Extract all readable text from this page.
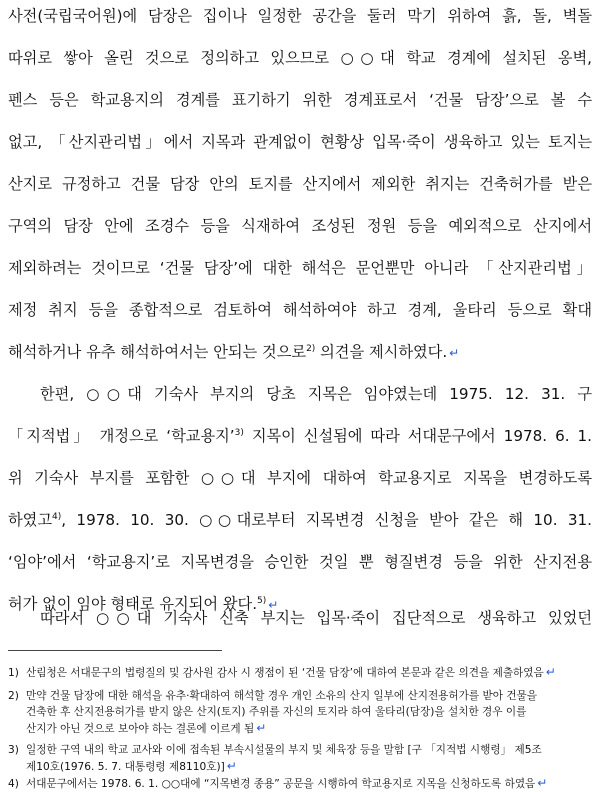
사전(국립국어원)에 담장은 집이나 일정한 공간을 둘러 막기 위하여 흙, 돌, 벽돌
따위로 쌓아 올린 것으로 정의하고 있으므로 ○○대 학교 경계에 설치된 옹벽,
펜스 등은 학교용지의 경계를 표기하기 위한 경계표로서 ‘건물 담장’으로 볼 수
없고, 「산지관리법」에서 지목과 관계없이 현황상 입목·죽이 생육하고 있는 토지는
산지로 규정하고 건물 담장 안의 토지를 산지에서 제외한 취지는 건축허가를 받은
구역의 담장 안에 조경수 등을 식재하여 조성된 정원 등을 예외적으로 산지에서
제외하려는 것이므로 ‘건물 담장’에 대한 해석은 문언뿐만 아니라 「산지관리법」
제정 취지 등을 종합적으로 검토하여 해석하여야 하고 경계, 울타리 등으로 확대
해석하거나 유추 해석하여서는 안되는 것으로$^{2)}$ 의견을 제시하였다. ↵
한편, ○○대 기숙사 부지의 당초 지목은 임야였는데 1975. 12. 31. 구
「지적법」 개정으로 ‘학교용지’$^{3)}$ 지목이 신설됨에 따라 서대문구에서 1978. 6. 1.
위 기숙사 부지를 포함한 ○○대 부지에 대하여 학교용지로 지목을 변경하도록
하였고$^{4)}$, 1978. 10. 30. ○○대로부터 지목변경 신청을 받아 같은 해 10. 31.
‘임야’에서 ‘학교용지’로 지목변경을 승인한 것일 뿐 형질변경 등을 위한 산지전용
허가 없이 임야 형태로 유지되어 왔다.$^{5)}$ ↵
따라서 ○○대 기숙사 신축 부지는 입목·죽이 집단적으로 생육하고 있었던
1) 산림청은 서대문구의 법령질의 및 감사원 감사 시 쟁점이 된 ‘건물 담장’에 대하여 본문과 같은 의견을 제출하였음 ↵
2) 만약 건물 담장에 대한 해석을 유추·확대하여 해석할 경우 개인 소유의 산지 일부에 산지전용허가를 받아 건물을
건축한 후 산지전용허가를 받지 않은 산지(토지) 주위를 자신의 토지라 하여 울타리(담장)을 설치한 경우 이를
산지가 아닌 것으로 보아야 하는 결론에 이르게 됨 ↵
3) 일정한 구역 내의 학교 교사와 이에 접속된 부속시설물의 부지 및 체육장 등을 말함 [구 「지적법 시행령」 제5조
제10호(1976. 5. 7. 대통령령 제8110호)] ↵
4) 서대문구에서는 1978. 6. 1. ○○대에 “지목변경 종용” 공문을 시행하여 학교용지로 지목을 신청하도록 하였음 ↵
